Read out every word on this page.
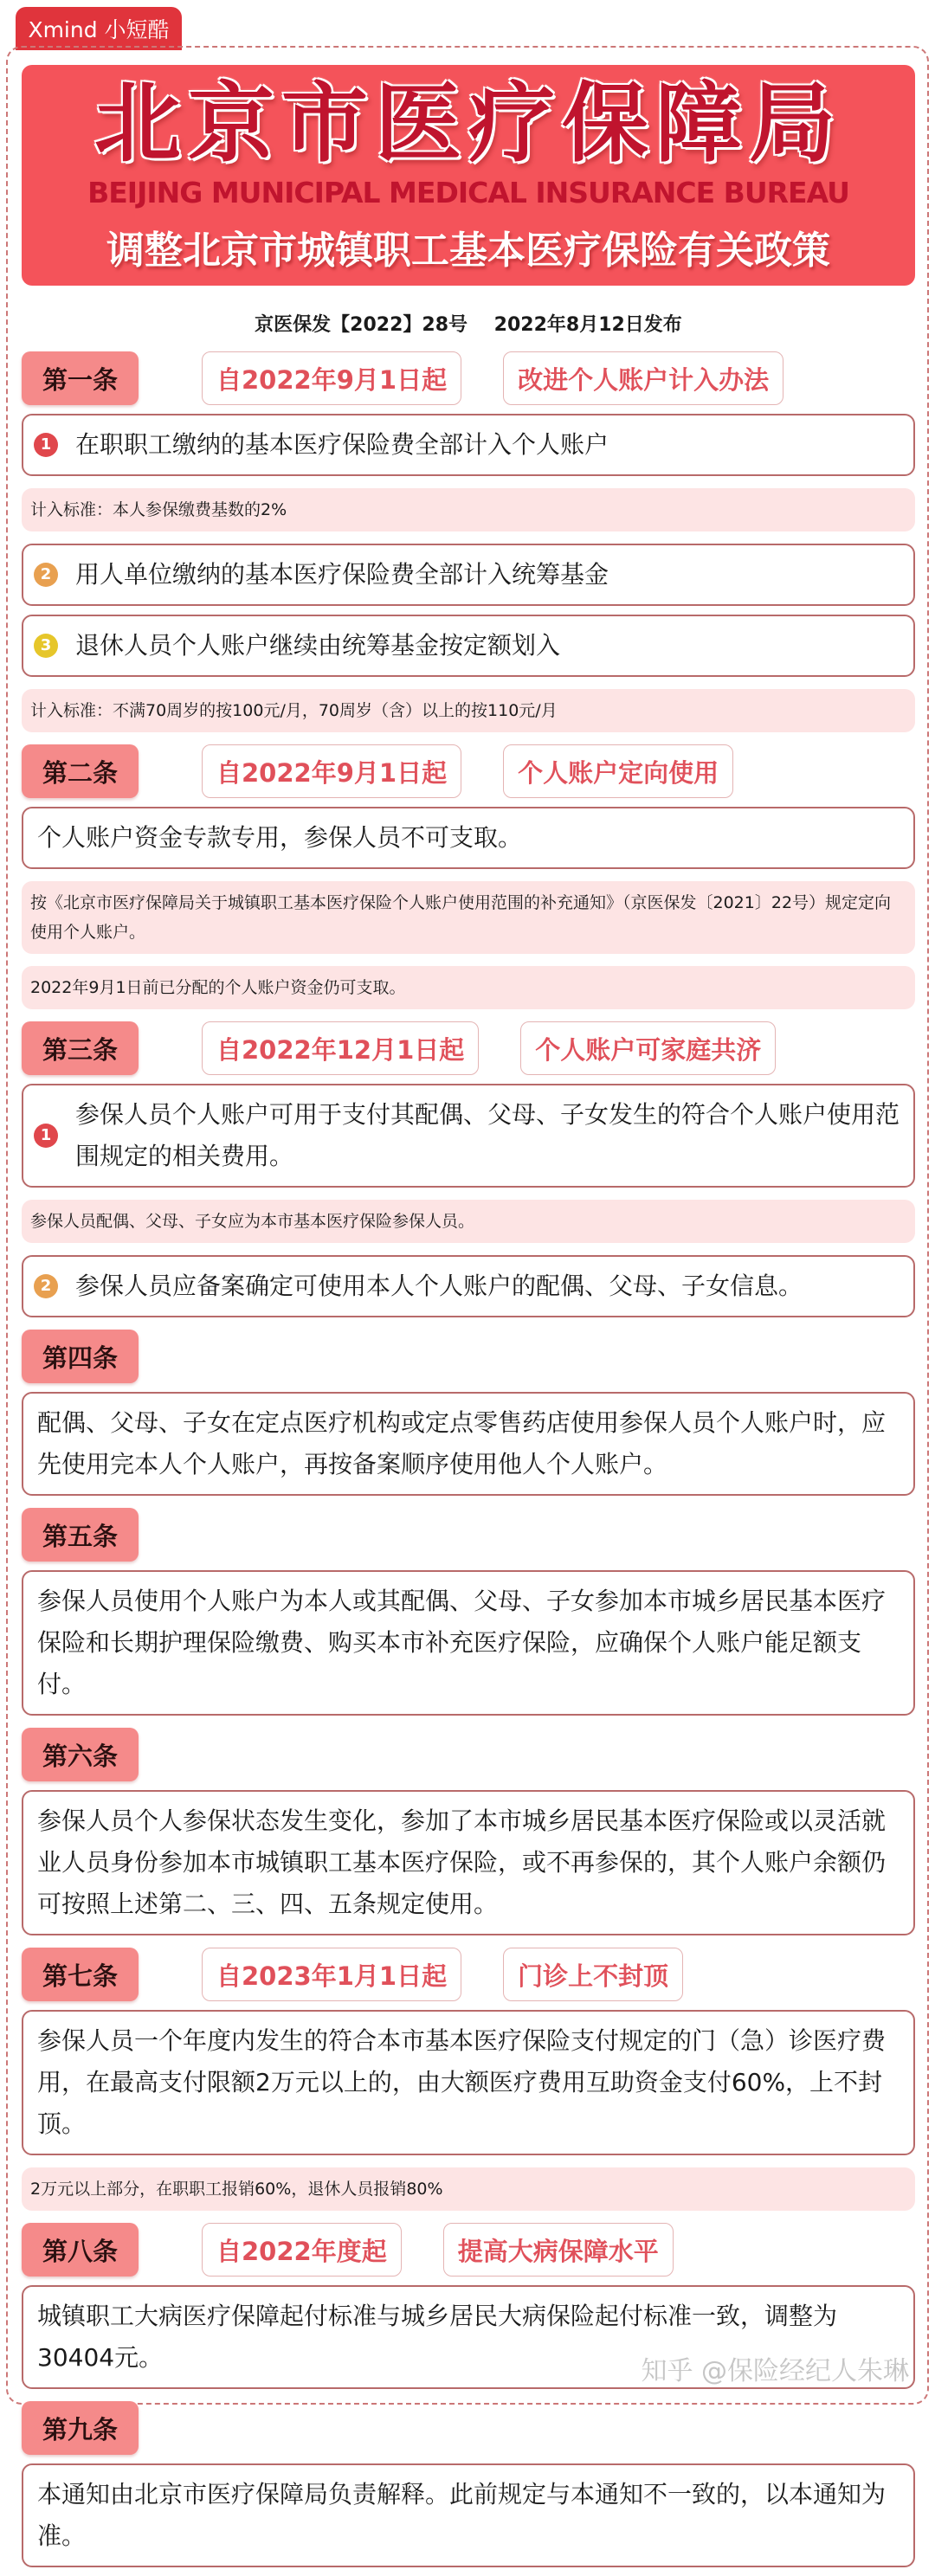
Xmind 小短酷
北京市医疗保障局
BEIJING MUNICIPAL MEDICAL INSURANCE BUREAU
调整北京市城镇职工基本医疗保险有关政策
京医保发【2022】28号    2022年8月12日发布
第一条	自2022年9月1日起	改进个人账户计入办法
1 在职职工缴纳的基本医疗保险费全部计入个人账户
计入标准：本人参保缴费基数的2%
2 用人单位缴纳的基本医疗保险费全部计入统筹基金
3 退休人员个人账户继续由统筹基金按定额划入
计入标准：不满70周岁的按100元/月，70周岁（含）以上的按110元/月
第二条	自2022年9月1日起	个人账户定向使用
个人账户资金专款专用，参保人员不可支取。
按《北京市医疗保障局关于城镇职工基本医疗保险个人账户使用范围的补充通知》（京医保发〔2021〕22号）规定定向使用个人账户。
2022年9月1日前已分配的个人账户资金仍可支取。
第三条	自2022年12月1日起	个人账户可家庭共济
1
参保人员个人账户可用于支付其配偶、父母、子女发生的符合个人账户使用范围规定的相关费用。
参保人员配偶、父母、子女应为本市基本医疗保险参保人员。
2 参保人员应备案确定可使用本人个人账户的配偶、父母、子女信息。
第四条
配偶、父母、子女在定点医疗机构或定点零售药店使用参保人员个人账户时，应先使用完本人个人账户，再按备案顺序使用他人个人账户。
第五条
参保人员使用个人账户为本人或其配偶、父母、子女参加本市城乡居民基本医疗保险和长期护理保险缴费、购买本市补充医疗保险，应确保个人账户能足额支付。
第六条
参保人员个人参保状态发生变化，参加了本市城乡居民基本医疗保险或以灵活就业人员身份参加本市城镇职工基本医疗保险，或不再参保的，其个人账户余额仍可按照上述第二、三、四、五条规定使用。
第七条	自2023年1月1日起	门诊上不封顶
参保人员一个年度内发生的符合本市基本医疗保险支付规定的门（急）诊医疗费用，在最高支付限额2万元以上的，由大额医疗费用互助资金支付60%，上不封顶。
2万元以上部分，在职职工报销60%，退休人员报销80%
第八条	自2022年度起	提高大病保障水平
城镇职工大病医疗保障起付标准与城乡居民大病保险起付标准一致，调整为30404元。
第九条
本通知由北京市医疗保障局负责解释。此前规定与本通知不一致的，以本通知为准。
知乎 @保险经纪人朱琳
